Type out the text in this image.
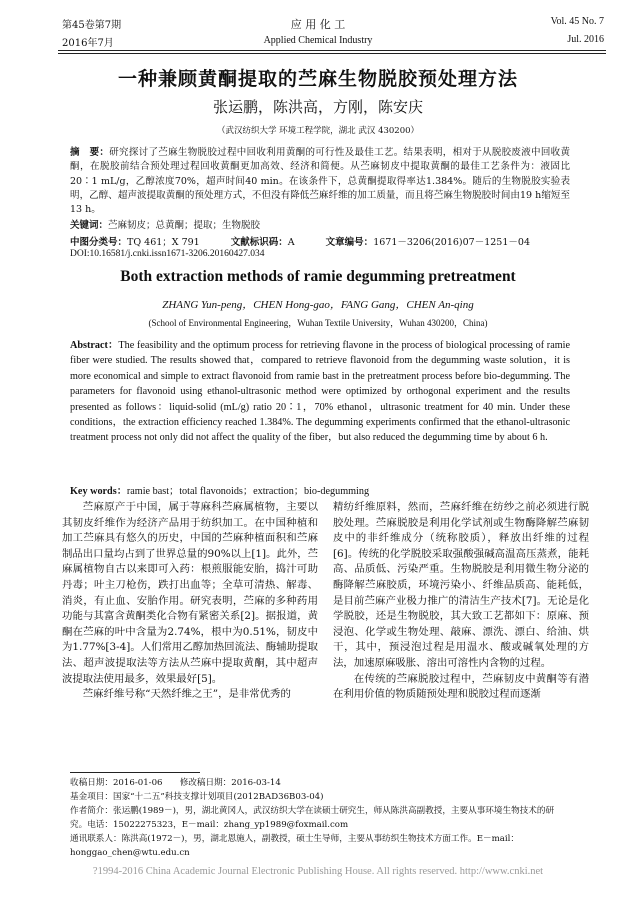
第45卷第7期
2016年7月
应 用 化 工
Applied Chemical Industry
Vol. 45 No. 7
Jul. 2016
一种兼顾黄酮提取的苎麻生物脱胶预处理方法
张运鹏，陈洪高，方刚，陈安庆
（武汉纺织大学 环境工程学院，湖北 武汉 430200）
摘　要：研究探讨了苎麻生物脱胶过程中回收利用黄酮的可行性及最佳工艺。结果表明，相对于从脱胶废液中回收黄酮，在脱胶前结合预处理过程回收黄酮更加高效、经济和简便。从苎麻韧皮中提取黄酮的最佳工艺条件为：液固比20∶1 mL/g，乙醇浓度70%，超声时间40 min。在该条件下，总黄酮提取得率达1.384%。随后的生物脱胶实验表明，乙醇、超声波提取黄酮的预处理方式，不但没有降低苎麻纤维的加工质量，而且将苎麻生物脱胶时间由19 h缩短至13 h。
关键词：苎麻韧皮；总黄酮；提取；生物脱胶
中图分类号：TQ 461；X 791	文献标识码：A	文章编号：1671－3206(2016)07－1251－04
DOI:10.16581/j.cnki.issn1671-3206.20160427.034
Both extraction methods of ramie degumming pretreatment
ZHANG Yun-peng，CHEN Hong-gao，FANG Gang，CHEN An-qing
(School of Environmental Engineering，Wuhan Textile University，Wuhan 430200，China)
Abstract：The feasibility and the optimum process for retrieving flavone in the process of biological processing of ramie fiber were studied. The results showed that，compared to retrieve flavonoid from the degumming waste solution，it is more economical and simple to extract flavonoid from ramie bast in the pretreatment process before bio-degumming. The parameters for flavonoid using ethanol-ultrasonic method were optimized by orthogonal experiment and the results presented as follows：liquid-solid (mL/g) ratio 20∶1，70% ethanol，ultrasonic treatment for 40 min. Under these conditions，the extraction efficiency reached 1.384%. The degumming experiments confirmed that the ethanol-ultrasonic treatment process not only did not affect the quality of the fiber，but also reduced the degumming time by about 6 h.
Key words：ramie bast；total flavonoids；extraction；bio-degumming

苎麻原产于中国，属于荨麻科苎麻属植物，主要以其韧皮纤维作为经济产品用于纺织加工。在中国种植和加工苎麻具有悠久的历史，中国的苎麻种植面积和苎麻制品出口量均占到了世界总量的90%以上[1]。此外，苎麻属植物自古以来即可入药：根煎服能安胎，捣汁可助丹毒；叶主刀枪伤，跌打出血等；全草可清热、解毒、消炎，有止血、安胎作用。研究表明，苎麻的多种药用功能与其富含黄酮类化合物有紧密关系[2]。据报道，黄酮在苎麻的叶中含量为2.74%，根中为0.51%，韧皮中为1.77%[3-4]。人们常用乙醇加热回流法、酶辅助提取法、超声波提取法等方法从苎麻中提取黄酮，其中超声波提取法使用最多，效果最好[5]。

苎麻纤维号称“天然纤维之王”，是非常优秀的

精纺纤维原料，然而，苎麻纤维在纺纱之前必须进行脱胶处理。苎麻脱胶是利用化学试剂或生物酶降解苎麻韧皮中的非纤维成分（统称胶质），释放出纤维的过程[6]。传统的化学脱胶采取强酸强碱高温高压蒸煮，能耗高、品质低、污染严重。生物脱胶是利用微生物分泌的酶降解苎麻胶质，环境污染小、纤维品质高、能耗低，是目前苎麻产业极力推广的清洁生产技术[7]。无论是化学脱胶，还是生物脱胶，其大致工艺都如下：原麻、预浸泡、化学或生物处理、敲麻、漂洗、漂白、给油、烘干，其中，预浸泡过程是用温水、酸或碱氧处理的方法，加速原麻吸胀、溶出可溶性内含物的过程。

在传统的苎麻脱胶过程中，苎麻韧皮中黄酮等有潜在利用价值的物质随预处理和脱胶过程而逐渐

收稿日期：2016-01-06　　修改稿日期：2016-03-14
基金项目：国家“十二五”科技支撑计划项目(2012BAD36B03-04)
作者简介：张运鹏(1989－)，男，湖北黄冈人，武汉纺织大学在读硕士研究生，师从陈洪高副教授，主要从事环境生物技术的研究。电话：15022275323，E－mail：zhang_yp1989@foxmail.com
通讯联系人：陈洪高(1972－)，男，湖北恩施人，副教授，硕士生导师，主要从事纺织生物技术方面工作。E－mail：honggao_chen@wtu.edu.cn
?1994-2016 China Academic Journal Electronic Publishing House. All rights reserved. http://www.cnki.net
